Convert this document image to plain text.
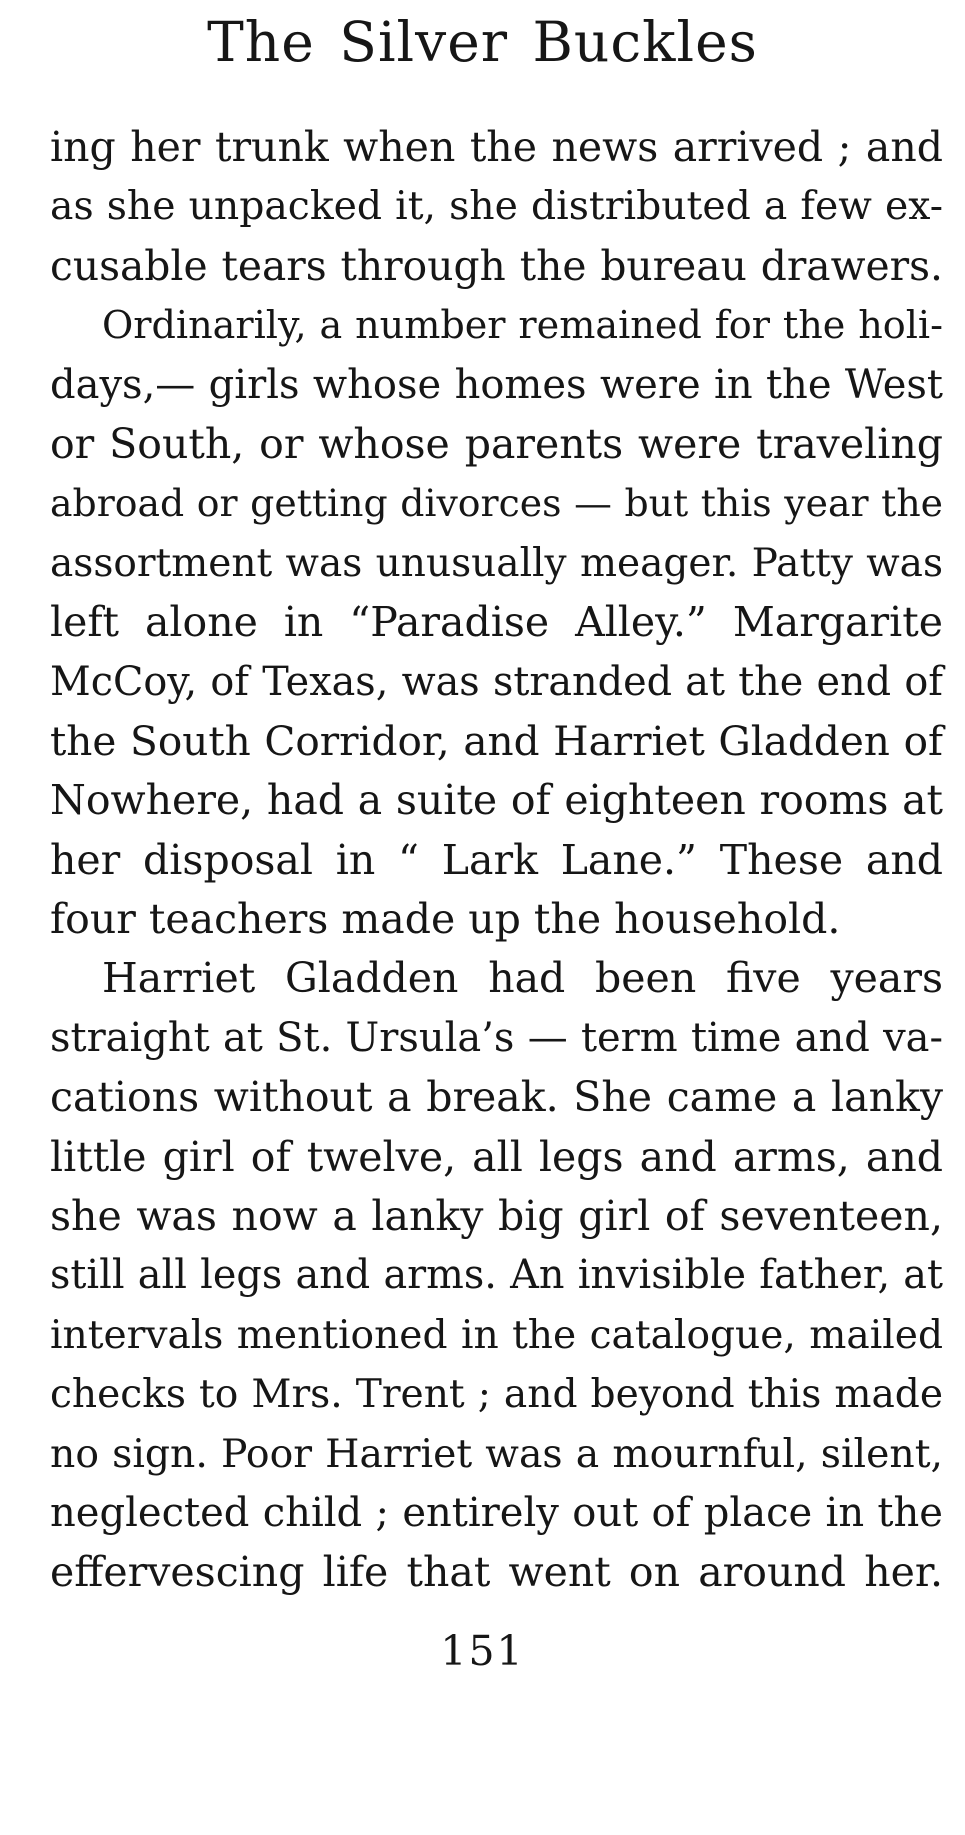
The Silver Buckles
ing her trunk when the news arrived ; and
as she unpacked it, she distributed a few ex-
cusable tears through the bureau drawers.
Ordinarily, a number remained for the holi-
days,— girls whose homes were in the West
or South, or whose parents were traveling
abroad or getting divorces — but this year the
assortment was unusually meager. Patty was
left alone in “Paradise Alley.” Margarite
McCoy, of Texas, was stranded at the end of
the South Corridor, and Harriet Gladden of
Nowhere, had a suite of eighteen rooms at
her disposal in “ Lark Lane.” These and
four teachers made up the household.
Harriet Gladden had been five years
straight at St. Ursula’s — term time and va-
cations without a break. She came a lanky
little girl of twelve, all legs and arms, and
she was now a lanky big girl of seventeen,
still all legs and arms. An invisible father, at
intervals mentioned in the catalogue, mailed
checks to Mrs. Trent ; and beyond this made
no sign. Poor Harriet was a mournful, silent,
neglected child ; entirely out of place in the
effervescing life that went on around her.
151
